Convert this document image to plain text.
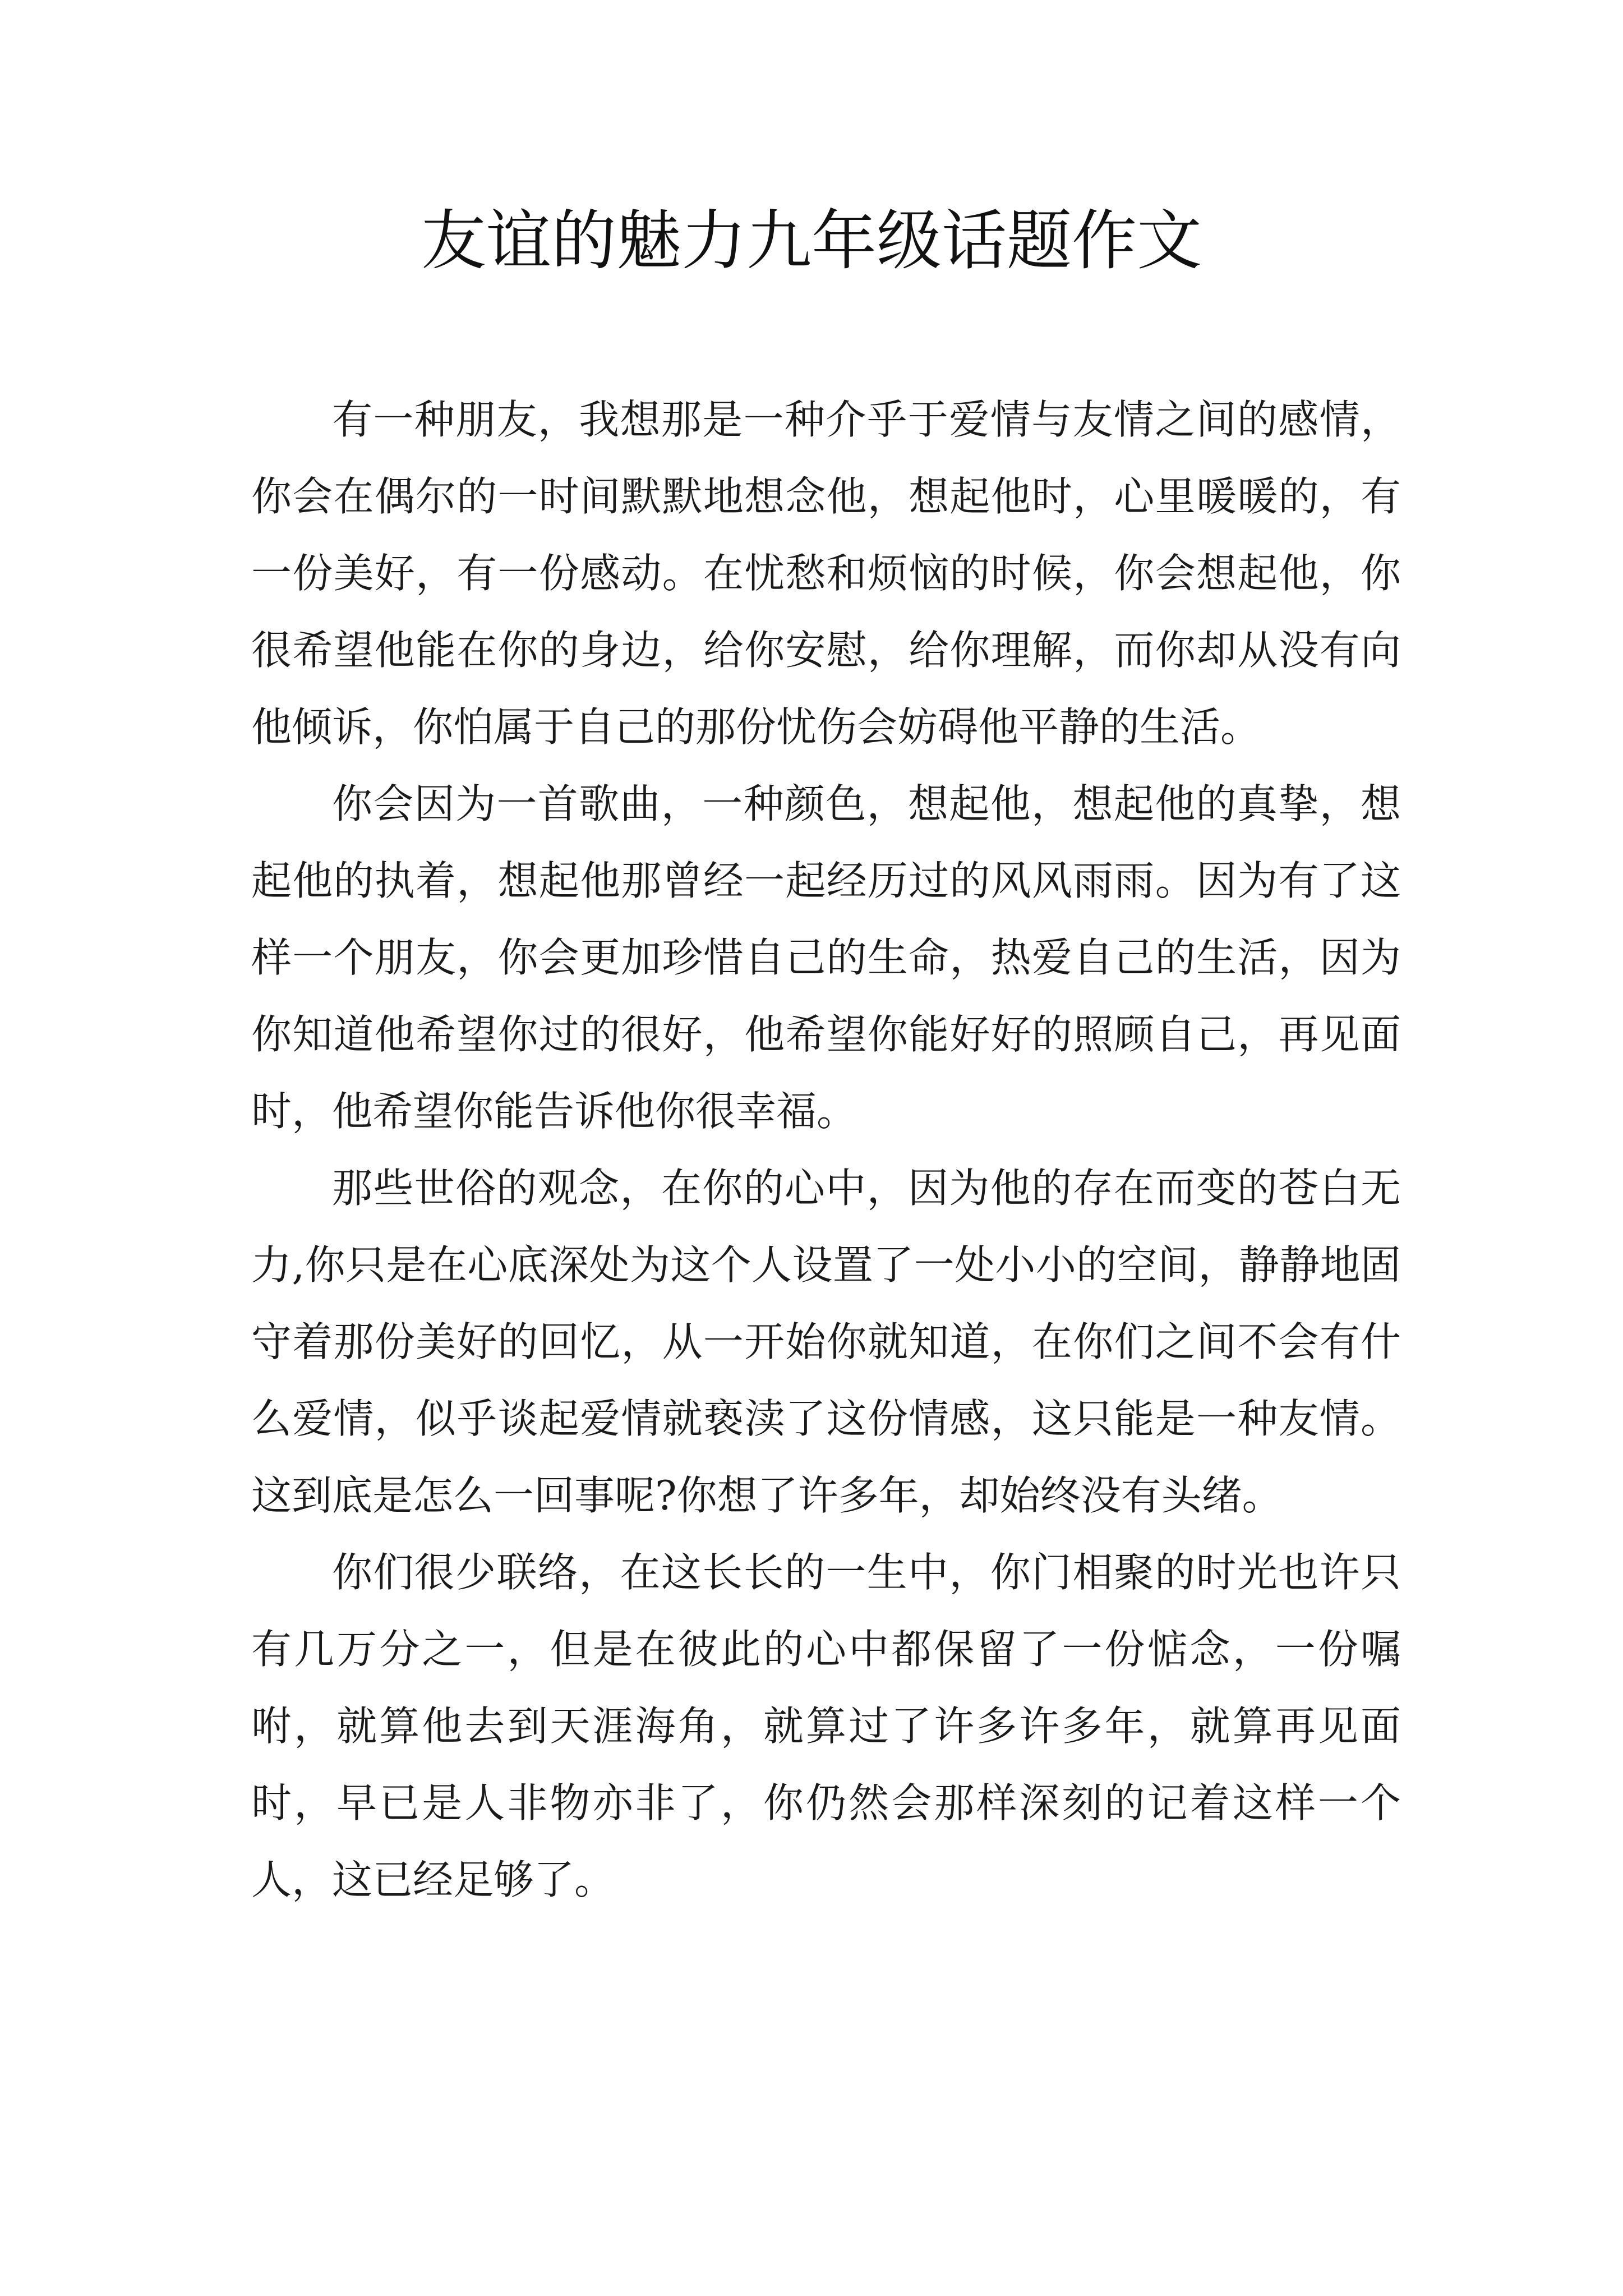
友谊的魅力九年级话题作文

有一种朋友，我想那是一种介乎于爱情与友情之间的感情，你会在偶尔的一时间默默地想念他，想起他时，心里暖暖的，有一份美好，有一份感动。在忧愁和烦恼的时候，你会想起他，你很希望他能在你的身边，给你安慰，给你理解，而你却从没有向他倾诉，你怕属于自己的那份忧伤会妨碍他平静的生活。

你会因为一首歌曲，一种颜色，想起他，想起他的真挚，想起他的执着，想起他那曾经一起经历过的风风雨雨。因为有了这样一个朋友，你会更加珍惜自己的生命，热爱自己的生活，因为你知道他希望你过的很好，他希望你能好好的照顾自己，再见面时，他希望你能告诉他你很幸福。

那些世俗的观念，在你的心中，因为他的存在而变的苍白无力,你只是在心底深处为这个人设置了一处小小的空间，静静地固守着那份美好的回忆，从一开始你就知道，在你们之间不会有什么爱情，似乎谈起爱情就亵渎了这份情感，这只能是一种友情。这到底是怎么一回事呢?你想了许多年，却始终没有头绪。

你们很少联络，在这长长的一生中，你门相聚的时光也许只有几万分之一，但是在彼此的心中都保留了一份惦念，一份嘱咐，就算他去到天涯海角，就算过了许多许多年，就算再见面时，早已是人非物亦非了，你仍然会那样深刻的记着这样一个人，这已经足够了。
